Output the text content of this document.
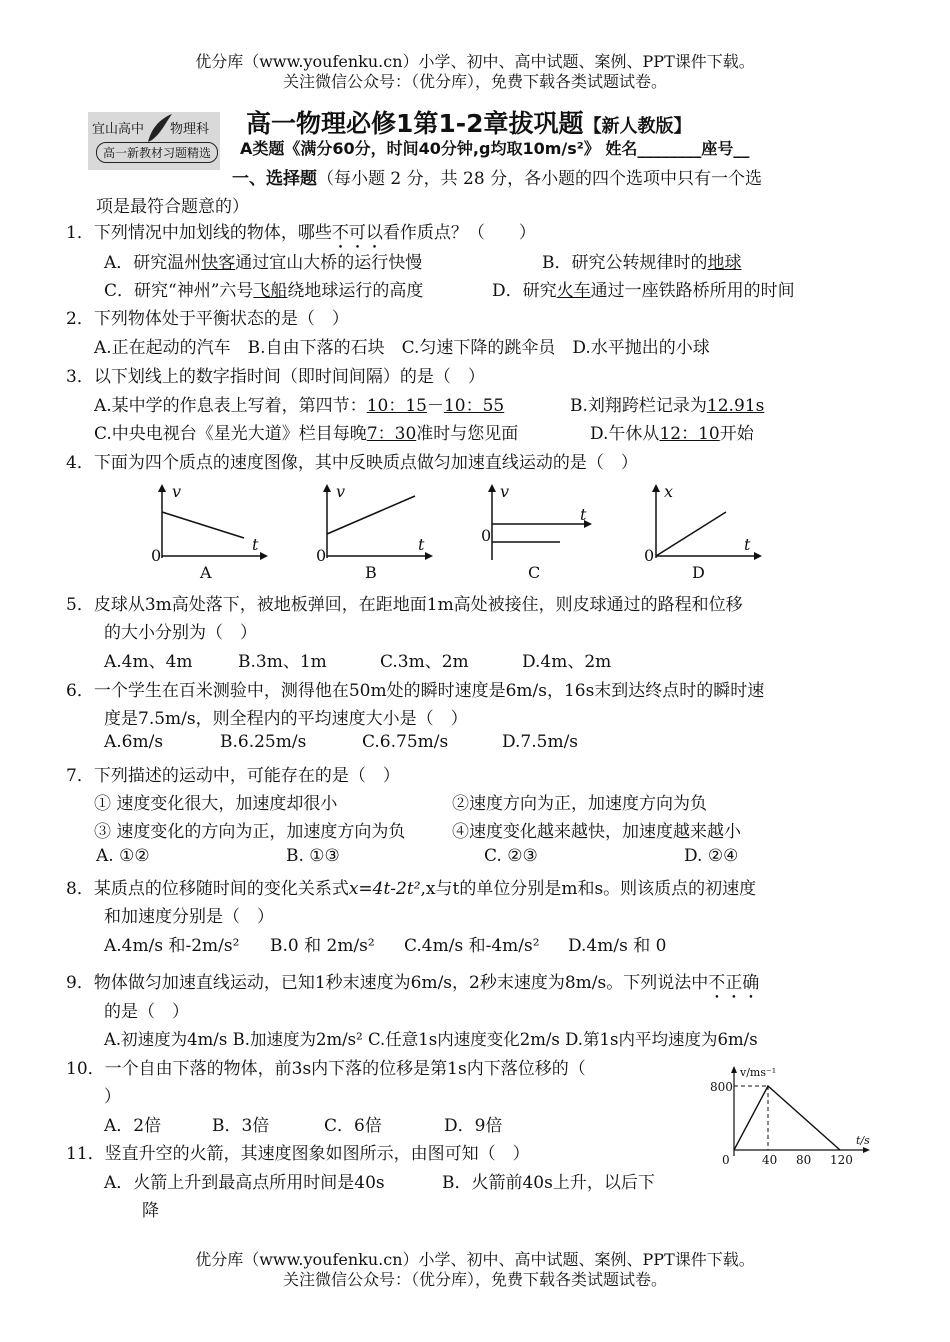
优分库（www.youfenku.cn）小学、初中、高中试题、案例、PPT课件下载。
关注微信公众号：（优分库），免费下载各类试题试卷。
宜山高中 物理科
高一新教材习题精选
高一物理必修1第1-2章拔巩题【新人教版】
A类题《满分60分，时间40分钟,g均取10m/s²》 姓名________座号__
一、选择题（每小题 2 分，共 28 分，各小题的四个选项中只有一个选
项是最符合题意的）
1．下列情况中加划线的物体，哪些不可以看作质点？（　　）
A．研究温州快客通过宜山大桥的运行快慢	B．研究公转规律时的地球
C．研究“神州”六号飞船绕地球运行的高度	D．研究火车通过一座铁路桥所用的时间
2．下列物体处于平衡状态的是（　）
A.正在起动的汽车　B.自由下落的石块　C.匀速下降的跳伞员　D.水平抛出的小球
3．以下划线上的数字指时间（即时间间隔）的是（　）
A.某中学的作息表上写着，第四节：10：15－10：55	B.刘翔跨栏记录为12.91s
C.中央电视台《星光大道》栏目每晚7：30准时与您见面	D.午休从12：10开始
4．下面为四个质点的速度图像，其中反映质点做匀加速直线运动的是（　）
v
t
0
A
v
t
0
B
v
t
0
C
x
t
0
D
5．皮球从3m高处落下，被地板弹回，在距地面1m高处被接住，则皮球通过的路程和位移
的大小分别为（　）
A.4m、4m	B.3m、1m	C.3m、2m	D.4m、2m
6．一个学生在百米测验中，测得他在50m处的瞬时速度是6m/s，16s末到达终点时的瞬时速
度是7.5m/s，则全程内的平均速度大小是（　）
A.6m/s	B.6.25m/s	C.6.75m/s	D.7.5m/s
7．下列描述的运动中，可能存在的是（　）
① 速度变化很大，加速度却很小	②速度方向为正，加速度方向为负
③ 速度变化的方向为正，加速度方向为负	④速度变化越来越快，加速度越来越小
A. ①②	B. ①③	C. ②③	D. ②④
8．某质点的位移随时间的变化关系式x=4t-2t²,x与t的单位分别是m和s。则该质点的初速度
和加速度分别是（　）
A.4m/s 和-2m/s² B.0 和 2m/s² C.4m/s 和-4m/s² D.4m/s 和 0
9．物体做匀加速直线运动，已知1秒末速度为6m/s，2秒末速度为8m/s。下列说法中不正确
的是（　）
A.初速度为4m/s B.加速度为2m/s² C.任意1s内速度变化2m/s D.第1s内平均速度为6m/s
10．一个自由下落的物体，前3s内下落的位移是第1s内下落位移的（
）
A．2倍	B．3倍	C．6倍	D．9倍
v/ms⁻¹
800
t/s
0	40 80 120
11．竖直升空的火箭，其速度图象如图所示，由图可知（　）
A．火箭上升到最高点所用时间是40s	B．火箭前40s上升，以后下
降
优分库（www.youfenku.cn）小学、初中、高中试题、案例、PPT课件下载。
关注微信公众号：（优分库），免费下载各类试题试卷。
